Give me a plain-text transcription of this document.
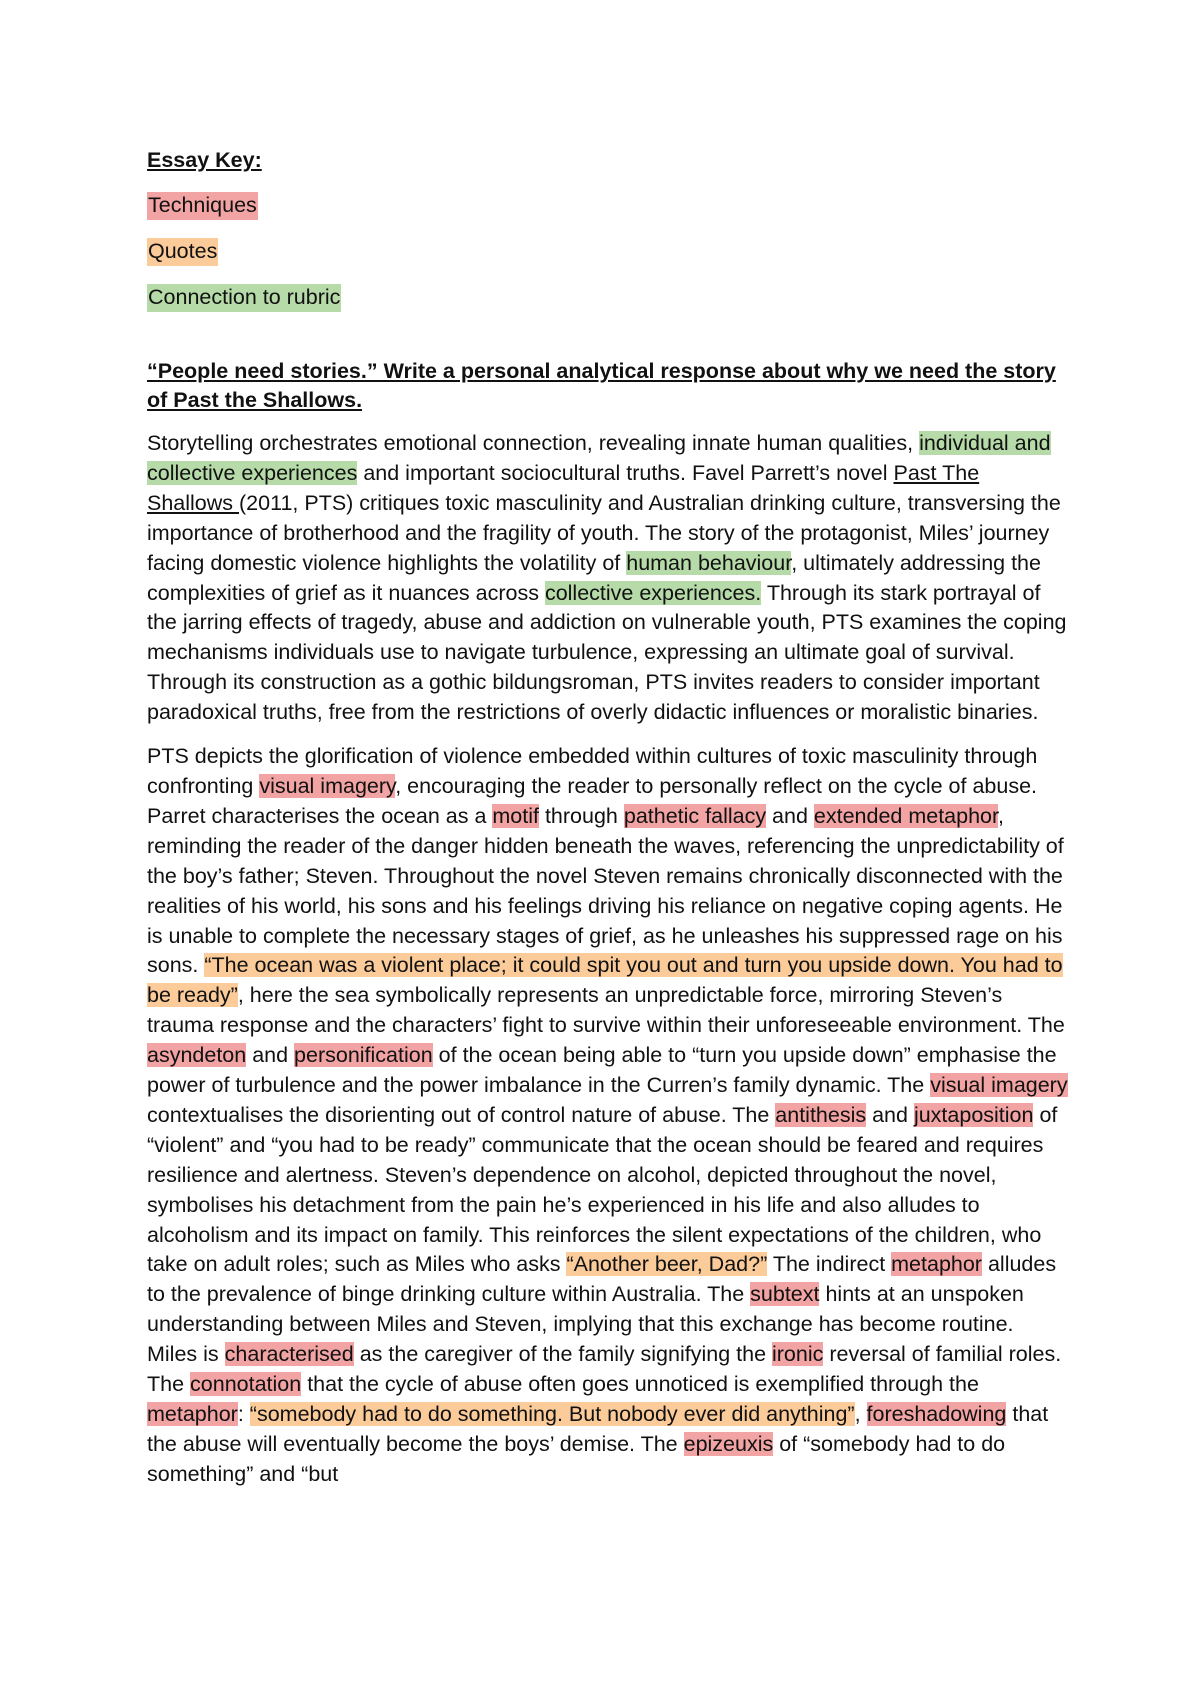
Essay Key:
Techniques
Quotes
Connection to rubric
“People need stories.” Write a personal analytical response about why we need the story of Past the Shallows.

Storytelling orchestrates emotional connection, revealing innate human qualities, individual and collective experiences and important sociocultural truths. Favel Parrett’s novel Past The Shallows (2011, PTS) critiques toxic masculinity and Australian drinking culture, transversing the importance of brotherhood and the fragility of youth. The story of the protagonist, Miles’ journey facing domestic violence highlights the volatility of human behaviour, ultimately addressing the complexities of grief as it nuances across collective experiences. Through its stark portrayal of the jarring effects of tragedy, abuse and addiction on vulnerable youth, PTS examines the coping mechanisms individuals use to navigate turbulence, expressing an ultimate goal of survival. Through its construction as a gothic bildungsroman, PTS invites readers to consider important paradoxical truths, free from the restrictions of overly didactic influences or moralistic binaries.

PTS depicts the glorification of violence embedded within cultures of toxic masculinity through confronting visual imagery, encouraging the reader to personally reflect on the cycle of abuse. Parret characterises the ocean as a motif through pathetic fallacy and extended metaphor, reminding the reader of the danger hidden beneath the waves, referencing the unpredictability of the boy’s father; Steven. Throughout the novel Steven remains chronically disconnected with the realities of his world, his sons and his feelings driving his reliance on negative coping agents. He is unable to complete the necessary stages of grief, as he unleashes his suppressed rage on his sons. “The ocean was a violent place; it could spit you out and turn you upside down. You had to be ready”, here the sea symbolically represents an unpredictable force, mirroring Steven’s trauma response and the characters’ fight to survive within their unforeseeable environment. The asyndeton and personification of the ocean being able to “turn you upside down” emphasise the power of turbulence and the power imbalance in the Curren’s family dynamic. The visual imagery contextualises the disorienting out of control nature of abuse. The antithesis and juxtaposition of “violent” and “you had to be ready” communicate that the ocean should be feared and requires resilience and alertness. Steven’s dependence on alcohol, depicted throughout the novel, symbolises his detachment from the pain he’s experienced in his life and also alludes to alcoholism and its impact on family. This reinforces the silent expectations of the children, who take on adult roles; such as Miles who asks “Another beer, Dad?” The indirect metaphor alludes to the prevalence of binge drinking culture within Australia. The subtext hints at an unspoken understanding between Miles and Steven, implying that this exchange has become routine. Miles is characterised as the caregiver of the family signifying the ironic reversal of familial roles. The connotation that the cycle of abuse often goes unnoticed is exemplified through the metaphor: “somebody had to do something. But nobody ever did anything”, foreshadowing that the abuse will eventually become the boys’ demise. The epizeuxis of “somebody had to do something” and “but
